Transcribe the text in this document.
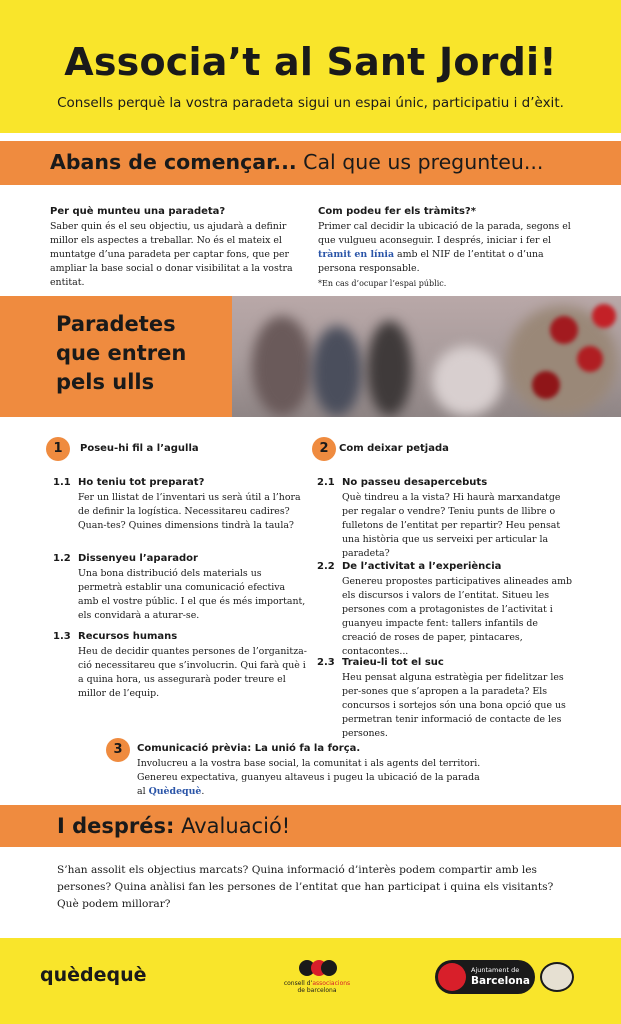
Associa’t al Sant Jordi!

Consells perquè la vostra paradeta sigui un espai únic, participatiu i d’èxit.

Abans de començar... Cal que us pregunteu...
Per què munteu una paradeta?

Saber quin és el seu objectiu, us ajudarà a definir millor els aspectes a treballar. No és el mateix el muntatge d’una paradeta per captar fons, que per ampliar la base social o donar visibilitat a la vostra entitat.

Com podeu fer els tràmits?*

Primer cal decidir la ubicació de la parada, segons el que vulgueu aconseguir. I després, iniciar i fer el tràmit en línia amb el NIF de l’entitat o d’una persona responsable.

*En cas d’ocupar l’espai públic.

Paradetes
que entren
pels ulls
1	Poseu-hi fil a l’agulla
1.1 Ho teniu tot preparat?

Fer un llistat de l’inventari us serà útil a l’hora de definir la logística. Necessitareu cadires? Quan-tes? Quines dimensions tindrà la taula?

1.2 Dissenyeu l’aparador

Una bona distribució dels materials us permetrà establir una comunicació efectiva amb el vostre públic. I el que és més important, els convidarà a aturar-se.

1.3 Recursos humans

Heu de decidir quantes persones de l’organitza-ció necessitareu que s’involucrin. Qui farà què i a quina hora, us assegurarà poder treure el millor de l’equip.

2	Com deixar petjada
2.1 No passeu desapercebuts

Què tindreu a la vista? Hi haurà marxandatge per regalar o vendre? Teniu punts de llibre o fulletons de l’entitat per repartir? Heu pensat una història que us serveixi per articular la paradeta?

2.2 De l’activitat a l’experiència

Genereu propostes participatives alineades amb els discursos i valors de l’entitat. Situeu les persones com a protagonistes de l’activitat i guanyeu impacte fent: tallers infantils de creació de roses de paper, pintacares, contacontes...

2.3 Traieu-li tot el suc

Heu pensat alguna estratègia per fidelitzar les per-sones que s’apropen a la paradeta? Els concursos i sortejos són una bona opció que us permetran tenir informació de contacte de les persones.

3	Comunicació prèvia: La unió fa la força.

Involucreu a la vostra base social, la comunitat i als agents del territori. Genereu expectativa, guanyeu altaveus i pugeu la ubicació de la parada al Quèdequè.

I després: Avaluació!

S’han assolit els objectius marcats? Quina informació d’interès podem compartir amb les persones? Quina anàlisi fan les persones de l’entitat que han participat i quina els visitants? Què podem millorar?

quèdequè	consell d’associacions
de barcelona
Ajuntament de
Barcelona
